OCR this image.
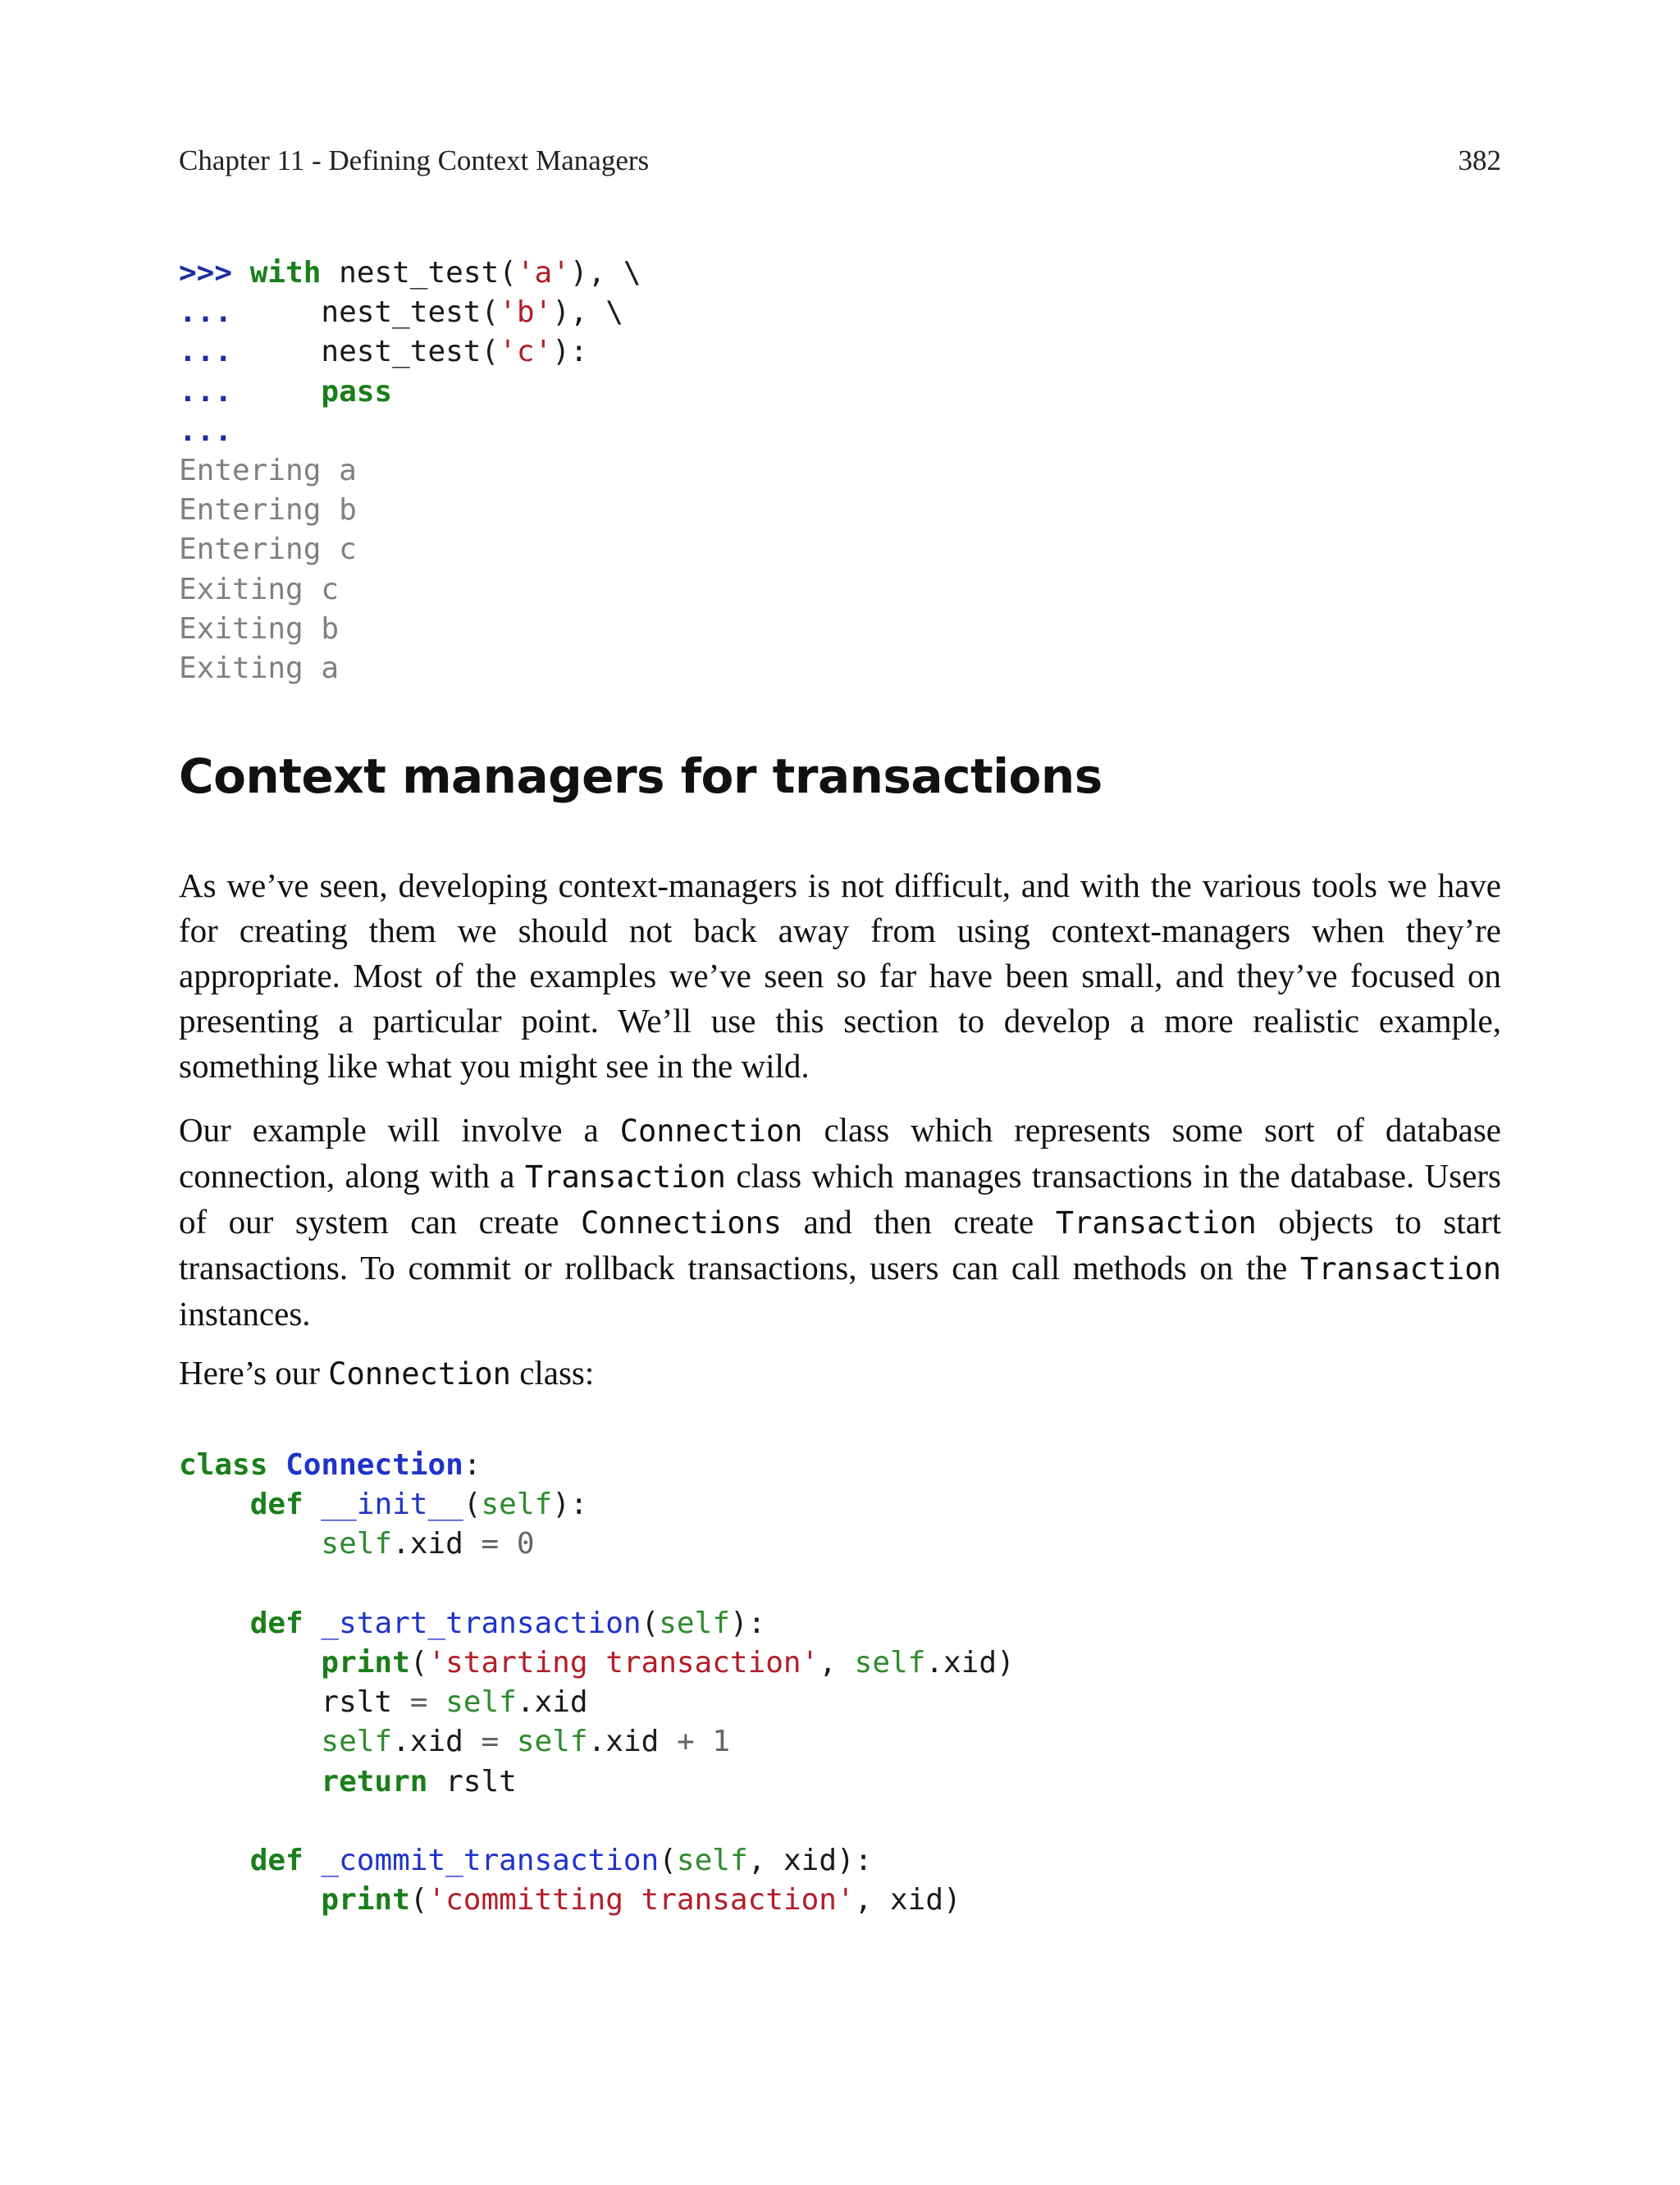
Chapter 11 - Defining Context Managers	382
>>> with nest_test('a'), \
...	nest_test('b'), \
...	nest_test('c'):
...	pass
...
Entering a
Entering b
Entering c
Exiting c
Exiting b
Exiting a
Context managers for transactions

As we’ve seen, developing context-managers is not difficult, and with the various tools we have for creating them we should not back away from using context-managers when they’re appropriate. Most of the examples we’ve seen so far have been small, and they’ve focused on presenting a particular point. We’ll use this section to develop a more realistic example, something like what you might see in the wild.

Our example will involve a Connection class which represents some sort of database connection, along with a Transaction class which manages transactions in the database. Users of our system can create Connections and then create Transaction objects to start transactions. To commit or rollback transactions, users can call methods on the Transaction instances.

Here’s our Connection class:

class Connection:
def __init__(self):
self.xid = 0

def _start_transaction(self):
print('starting transaction', self.xid)
rslt = self.xid
self.xid = self.xid + 1
return rslt

def _commit_transaction(self, xid):
print('committing transaction', xid)
